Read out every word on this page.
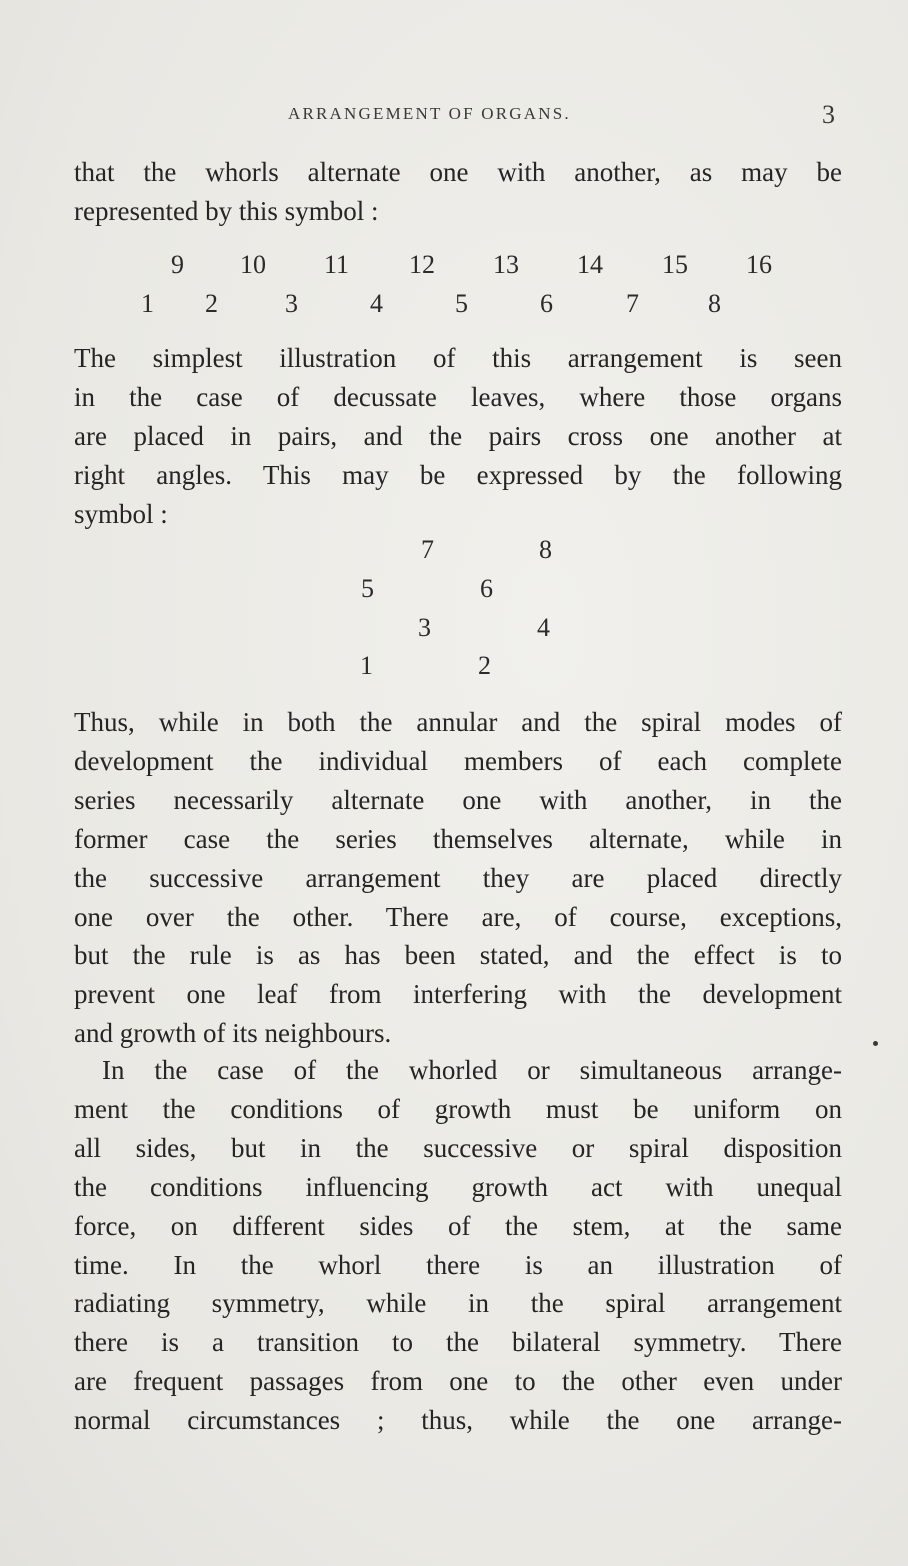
ARRANGEMENT OF ORGANS.	3
that the whorls alternate one with another, as may be
represented by this symbol :
9 10 11 12 13 14 15 16
1 2	3	4	5	6	7	8
The simplest illustration of this arrangement is seen
in the case of decussate leaves, where those organs
are placed in pairs, and the pairs cross one another at
right angles. This may be expressed by the following
symbol :
7	8
5	6
3	4
1	2
Thus, while in both the annular and the spiral modes of
development the individual members of each complete
series necessarily alternate one with another, in the
former case the series themselves alternate, while in
the successive arrangement they are placed directly
one over the other. There are, of course, exceptions,
but the rule is as has been stated, and the effect is to
prevent one leaf from interfering with the development
and growth of its neighbours.
In the case of the whorled or simultaneous arrange-
ment the conditions of growth must be uniform on
all sides, but in the successive or spiral disposition
the conditions influencing growth act with unequal
force, on different sides of the stem, at the same
time. In the whorl there is an illustration of
radiating symmetry, while in the spiral arrangement
there is a transition to the bilateral symmetry. There
are frequent passages from one to the other even under
normal circumstances ; thus, while the one arrange-
